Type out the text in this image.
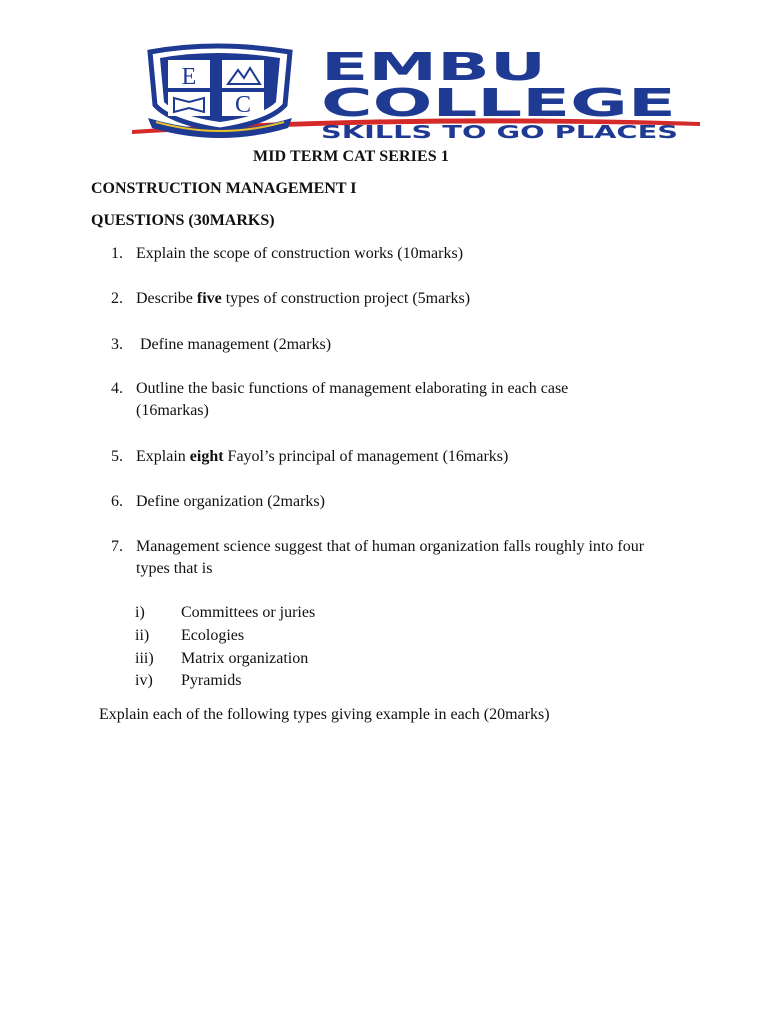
E
C
EMBU
COLLEGE
SKILLS TO GO PLACES
MID TERM CAT SERIES 1
CONSTRUCTION MANAGEMENT I
QUESTIONS (30MARKS)
1. Explain the scope of construction works (10marks)
2. Describe five types of construction project (5marks)
3. Define management (2marks)
4. Outline the basic functions of management elaborating in each case (16markas)
5. Explain eight Fayol’s principal of management (16marks)
6. Define organization (2marks)
7. Management science suggest that of human organization falls roughly into four types that is
i) Committees or juries
ii) Ecologies
iii) Matrix organization
iv) Pyramids
Explain each of the following types giving example in each (20marks)
